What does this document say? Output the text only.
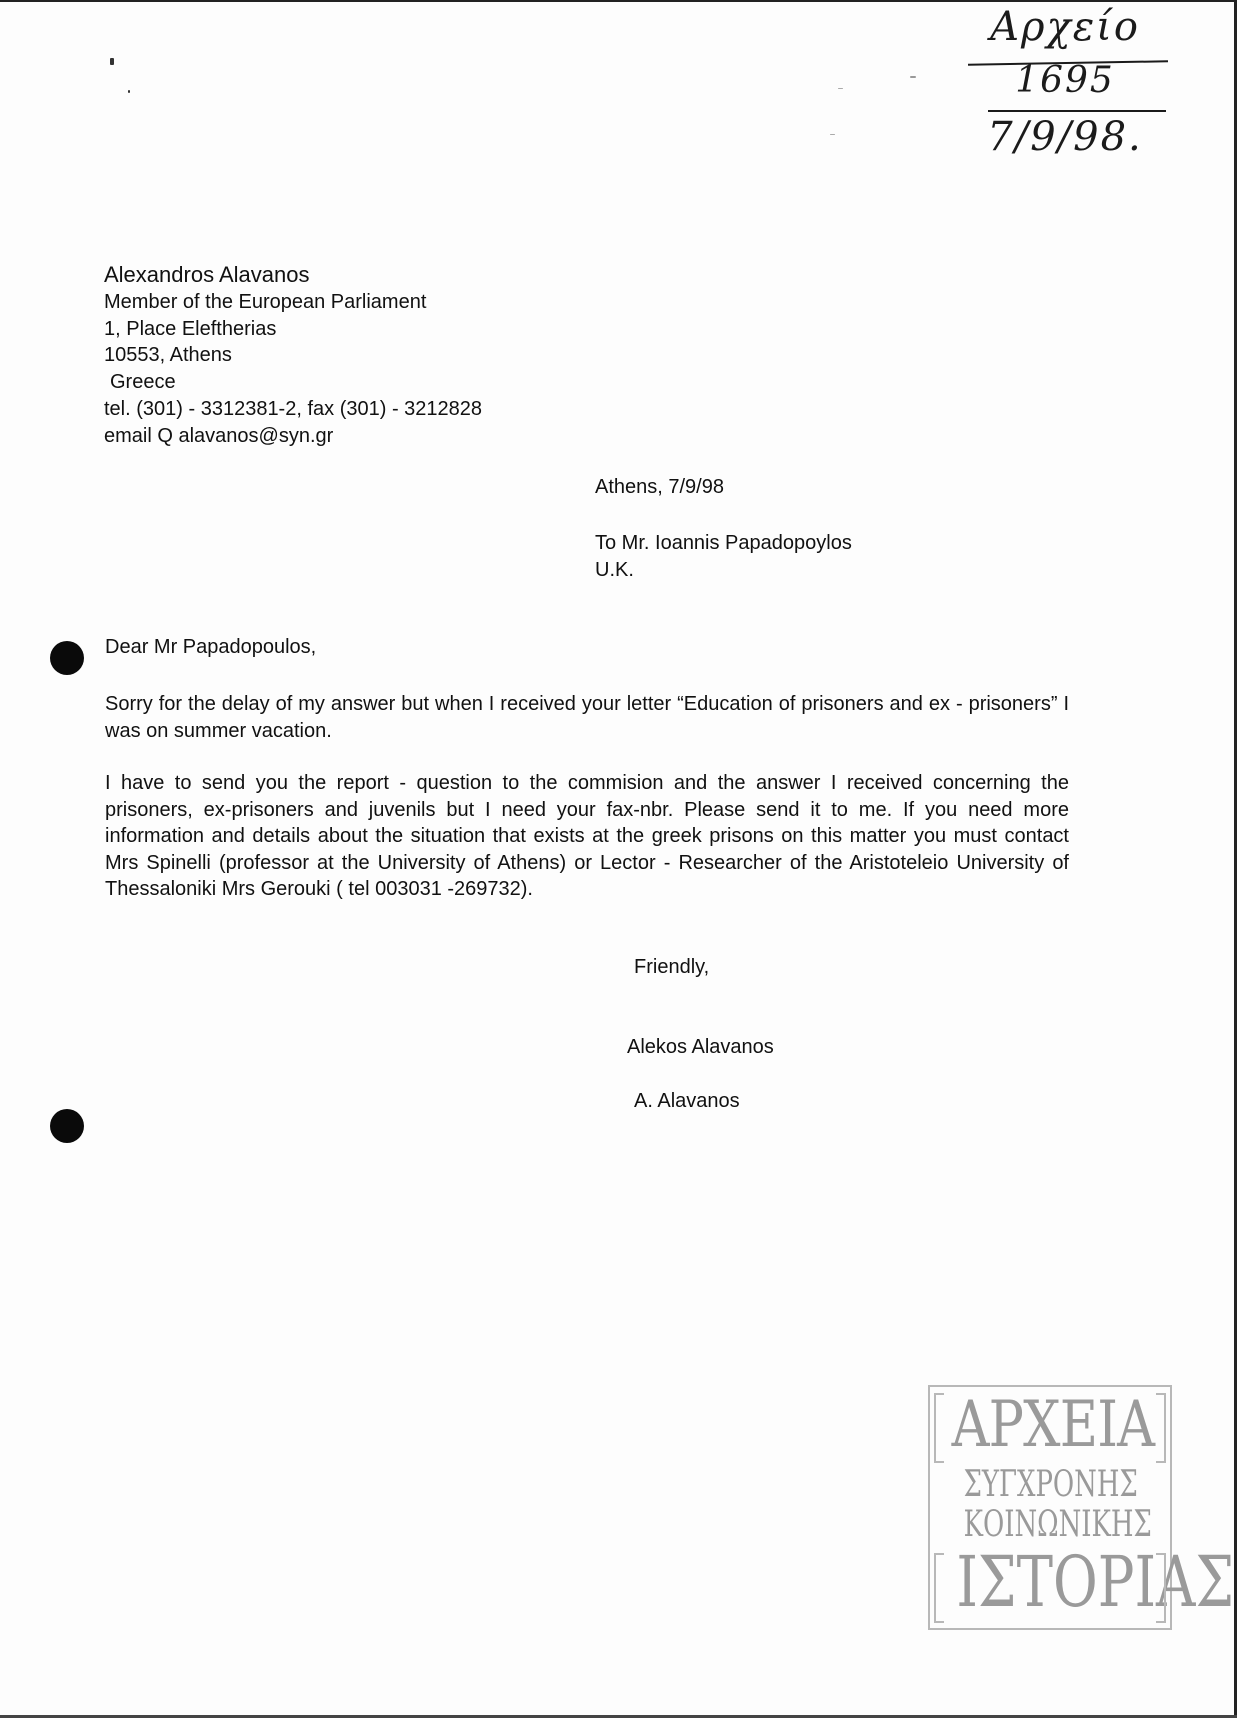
Αρχείο
1695
7/9/98.
Alexandros Alavanos
Member of the European Parliament
1, Place Eleftherias
10553, Athens
Greece
tel. (301) - 3312381-2, fax (301) - 3212828
email Q alavanos@syn.gr
Athens, 7/9/98
To Mr. Ioannis Papadopoylos
U.K.
Dear Mr Papadopoulos,
Sorry for the delay of my answer but when I received your letter “Education of prisoners and ex - prisoners” I was on summer vacation.
I have to send you the report - question to the commision and the answer I received concerning the prisoners, ex-prisoners and juvenils but I need your fax-nbr. Please send it to me. If you need more information and details about the situation that exists at the greek prisons on this matter you must contact Mrs Spinelli (professor at the University of Athens) or Lector - Researcher of the Aristoteleio University of Thessaloniki Mrs Gerouki ( tel 003031 -269732).
Friendly,
Alekos Alavanos
A. Alavanos
ΑΡΧΕΙΑ
ΣΥΓΧΡΟΝΗΣ
ΚΟΙΝΩΝΙΚΗΣ
ΙΣΤΟΡΙΑΣ
